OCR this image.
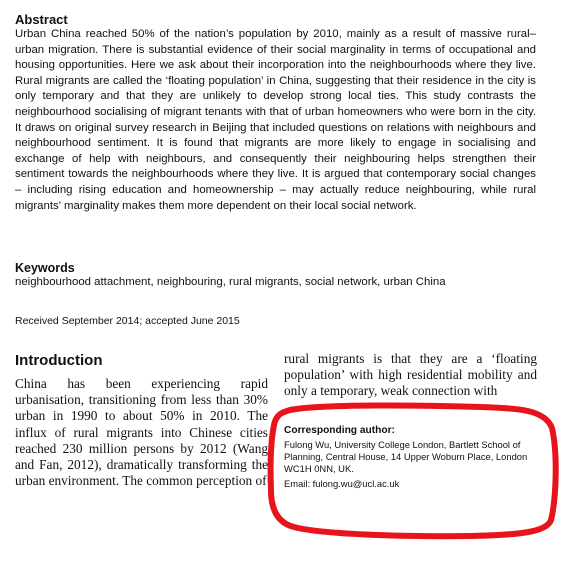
Abstract

Urban China reached 50% of the nation’s population by 2010, mainly as a result of massive rural–urban migration. There is substantial evidence of their social marginality in terms of occupational and housing opportunities. Here we ask about their incorporation into the neighbourhoods where they live. Rural migrants are called the ‘floating population’ in China, suggesting that their residence in the city is only temporary and that they are unlikely to develop strong local ties. This study contrasts the neighbourhood socialising of migrant tenants with that of urban homeowners who were born in the city. It draws on original survey research in Beijing that included questions on relations with neighbours and neighbourhood sentiment. It is found that migrants are more likely to engage in socialising and exchange of help with neighbours, and consequently their neighbouring helps strengthen their sentiment towards the neighbourhoods where they live. It is argued that contemporary social changes – including rising education and homeownership – may actually reduce neighbouring, while rural migrants’ marginality makes them more dependent on their local social network.

Keywords
neighbourhood attachment, neighbouring, rural migrants, social network, urban China
Received September 2014; accepted June 2015
Introduction

China has been experiencing rapid urbanisation, transitioning from less than 30% urban in 1990 to about 50% in 2010. The influx of rural migrants into Chinese cities reached 230 million persons by 2012 (Wang and Fan, 2012), dramatically transforming the urban environment. The common perception of

rural migrants is that they are a ‘floating population’ with high residential mobility and only a temporary, weak connection with

Corresponding author:

Fulong Wu, University College London, Bartlett School of Planning, Central House, 14 Upper Woburn Place, London WC1H 0NN, UK.

Email: fulong.wu@ucl.ac.uk
